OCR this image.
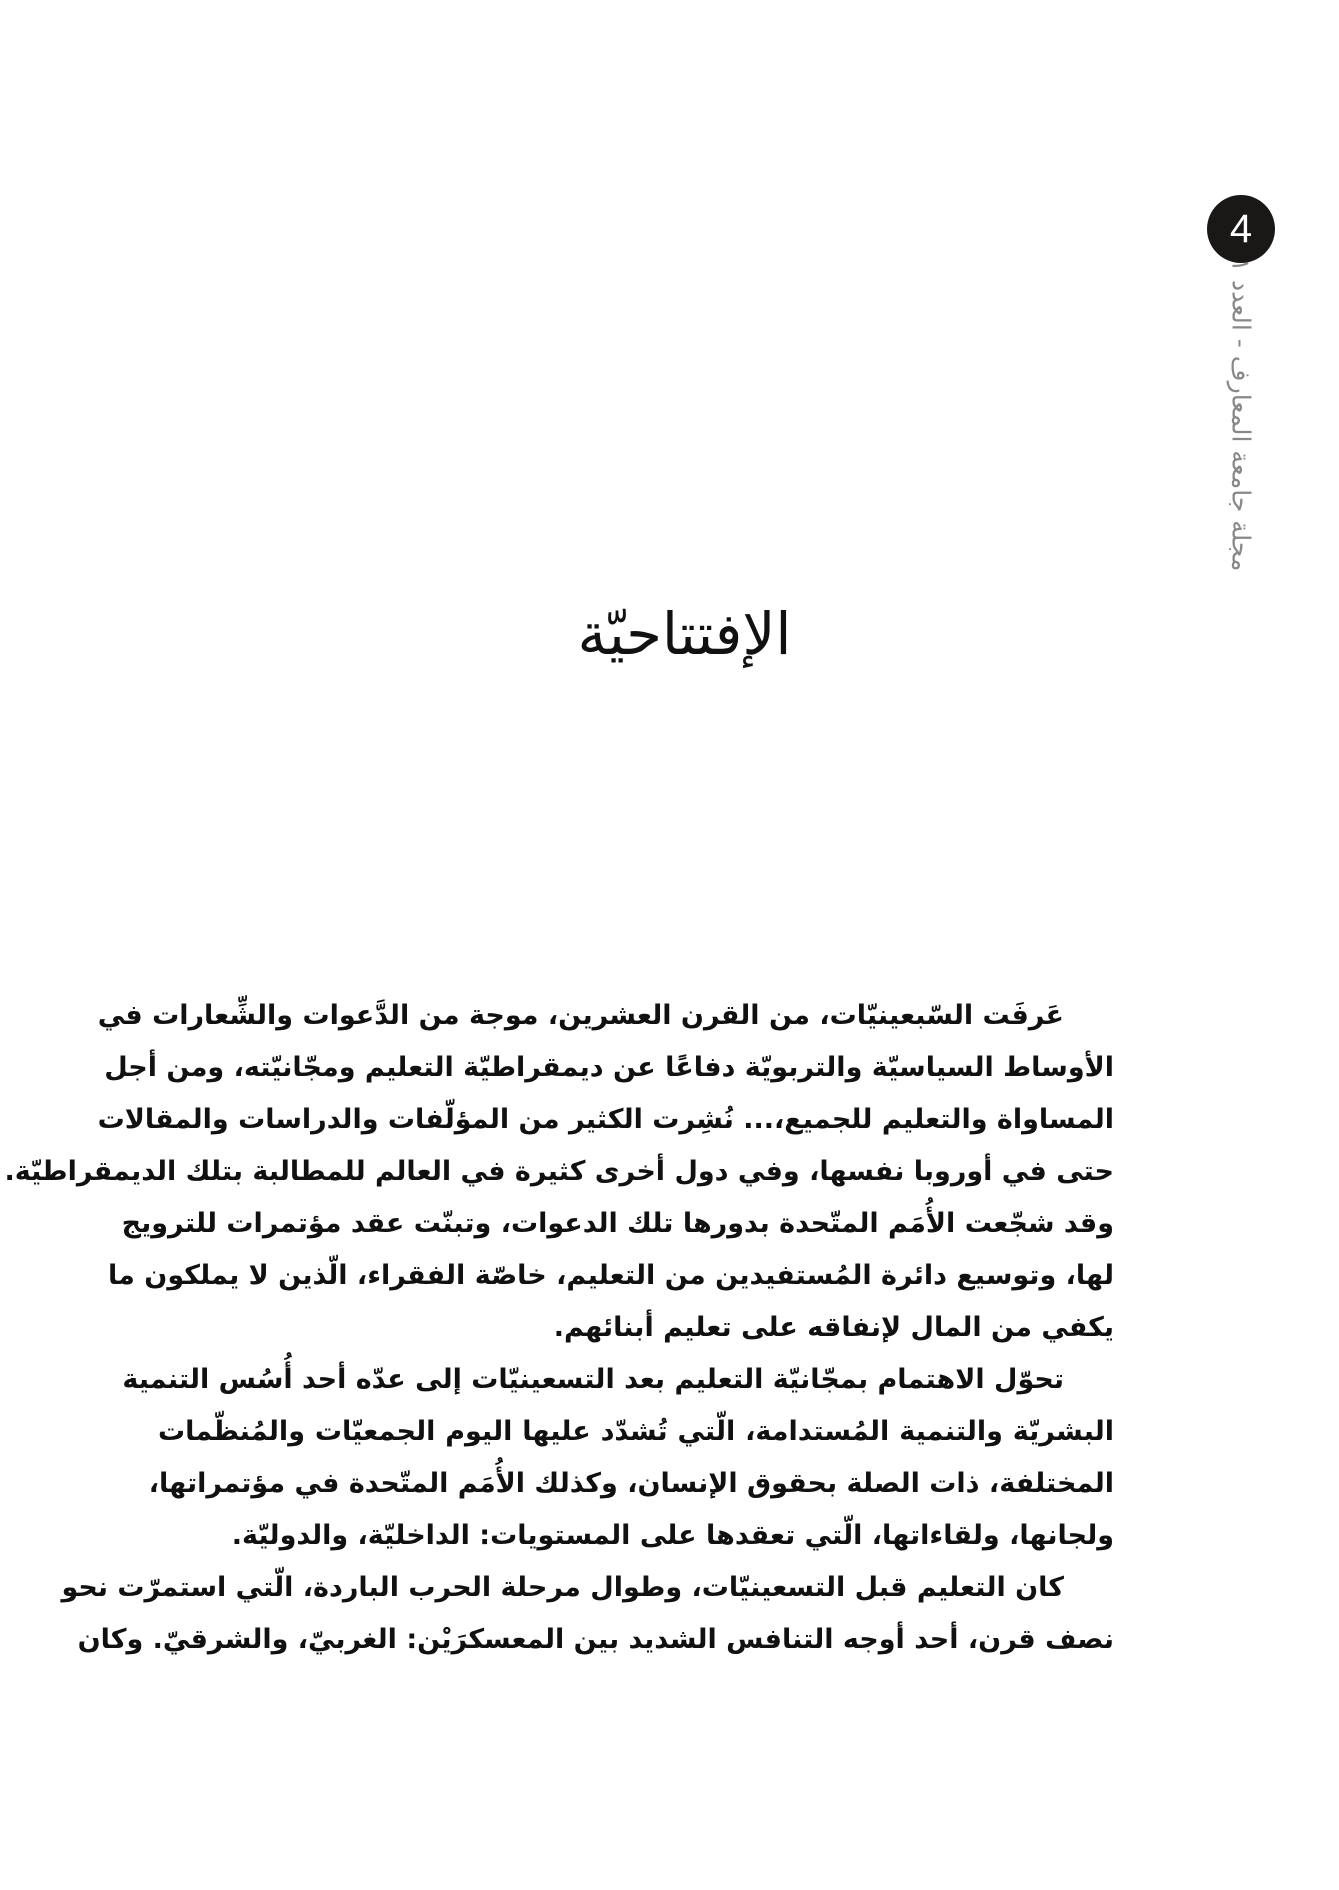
4
مجلة جامعة المعارف - العدد ١
الإفتتاحيّة
عَرفَت السّبعينيّات، من القرن العشرين، موجة من الدَّعوات والشِّعارات في
الأوساط السياسيّة والتربويّة دفاعًا عن ديمقراطيّة التعليم ومجّانيّته، ومن أجل
المساواة والتعليم للجميع،... نُشِرت الكثير من المؤلّفات والدراسات والمقالات
حتى في أوروبا نفسها، وفي دول أخرى كثيرة في العالم للمطالبة بتلك الديمقراطيّة.
وقد شجّعت الأُمَم المتّحدة بدورها تلك الدعوات، وتبنّت عقد مؤتمرات للترويج
لها، وتوسيع دائرة المُستفيدين من التعليم، خاصّة الفقراء، الّذين لا يملكون ما
يكفي من المال لإنفاقه على تعليم أبنائهم.
تحوّل الاهتمام بمجّانيّة التعليم بعد التسعينيّات إلى عدّه أحد أُسُس التنمية
البشريّة والتنمية المُستدامة، الّتي تُشدّد عليها اليوم الجمعيّات والمُنظّمات
المختلفة، ذات الصلة بحقوق الإنسان، وكذلك الأُمَم المتّحدة في مؤتمراتها،
ولجانها، ولقاءاتها، الّتي تعقدها على المستويات: الداخليّة، والدوليّة.
كان التعليم قبل التسعينيّات، وطوال مرحلة الحرب الباردة، الّتي استمرّت نحو
نصف قرن، أحد أوجه التنافس الشديد بين المعسكرَيْن: الغربيّ، والشرقيّ. وكان
